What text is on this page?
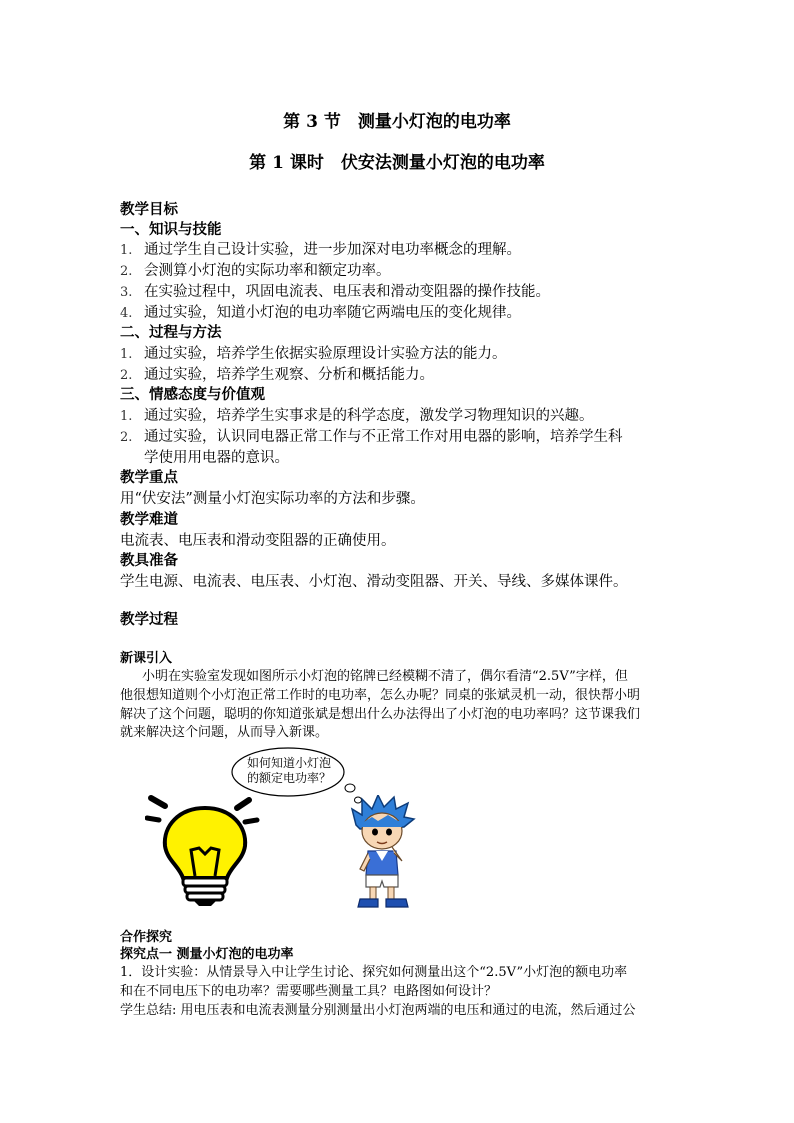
第 3 节　测量小灯泡的电功率
第 1 课时　伏安法测量小灯泡的电功率
教学目标
一、知识与技能
1. 通过学生自己设计实验，进一步加深对电功率概念的理解。
2. 会测算小灯泡的实际功率和额定功率。
3. 在实验过程中，巩固电流表、电压表和滑动变阻器的操作技能。
4. 通过实验，知道小灯泡的电功率随它两端电压的变化规律。
二、过程与方法
1. 通过实验，培养学生依据实验原理设计实验方法的能力。
2. 通过实验，培养学生观察、分析和概括能力。
三、情感态度与价值观
1. 通过实验，培养学生实事求是的科学态度，激发学习物理知识的兴趣。
2. 通过实验，认识同电器正常工作与不正常工作对用电器的影响，培养学生科
学使用用电器的意识。
教学重点
用“伏安法”测量小灯泡实际功率的方法和步骤。
教学难道
电流表、电压表和滑动变阻器的正确使用。
教具准备
学生电源、电流表、电压表、小灯泡、滑动变阻器、开关、导线、多媒体课件。
教学过程
新课引入
小明在实验室发现如图所示小灯泡的铭牌已经模糊不清了，偶尔看清“2.5V”字样，但
他很想知道则个小灯泡正常工作时的电功率，怎么办呢？同桌的张斌灵机一动，很快帮小明
解决了这个问题，聪明的你知道张斌是想出什么办法得出了小灯泡的电功率吗？这节课我们
就来解决这个问题，从而导入新课。
如何知道小灯泡
的额定电功率？
合作探究
探究点一 测量小灯泡的电功率
1．设计实验：从情景导入中让学生讨论、探究如何测量出这个“2.5V”小灯泡的额电功率
和在不同电压下的电功率？需要哪些测量工具？电路图如何设计？
学生总结: 用电压表和电流表测量分别测量出小灯泡两端的电压和通过的电流，然后通过公
